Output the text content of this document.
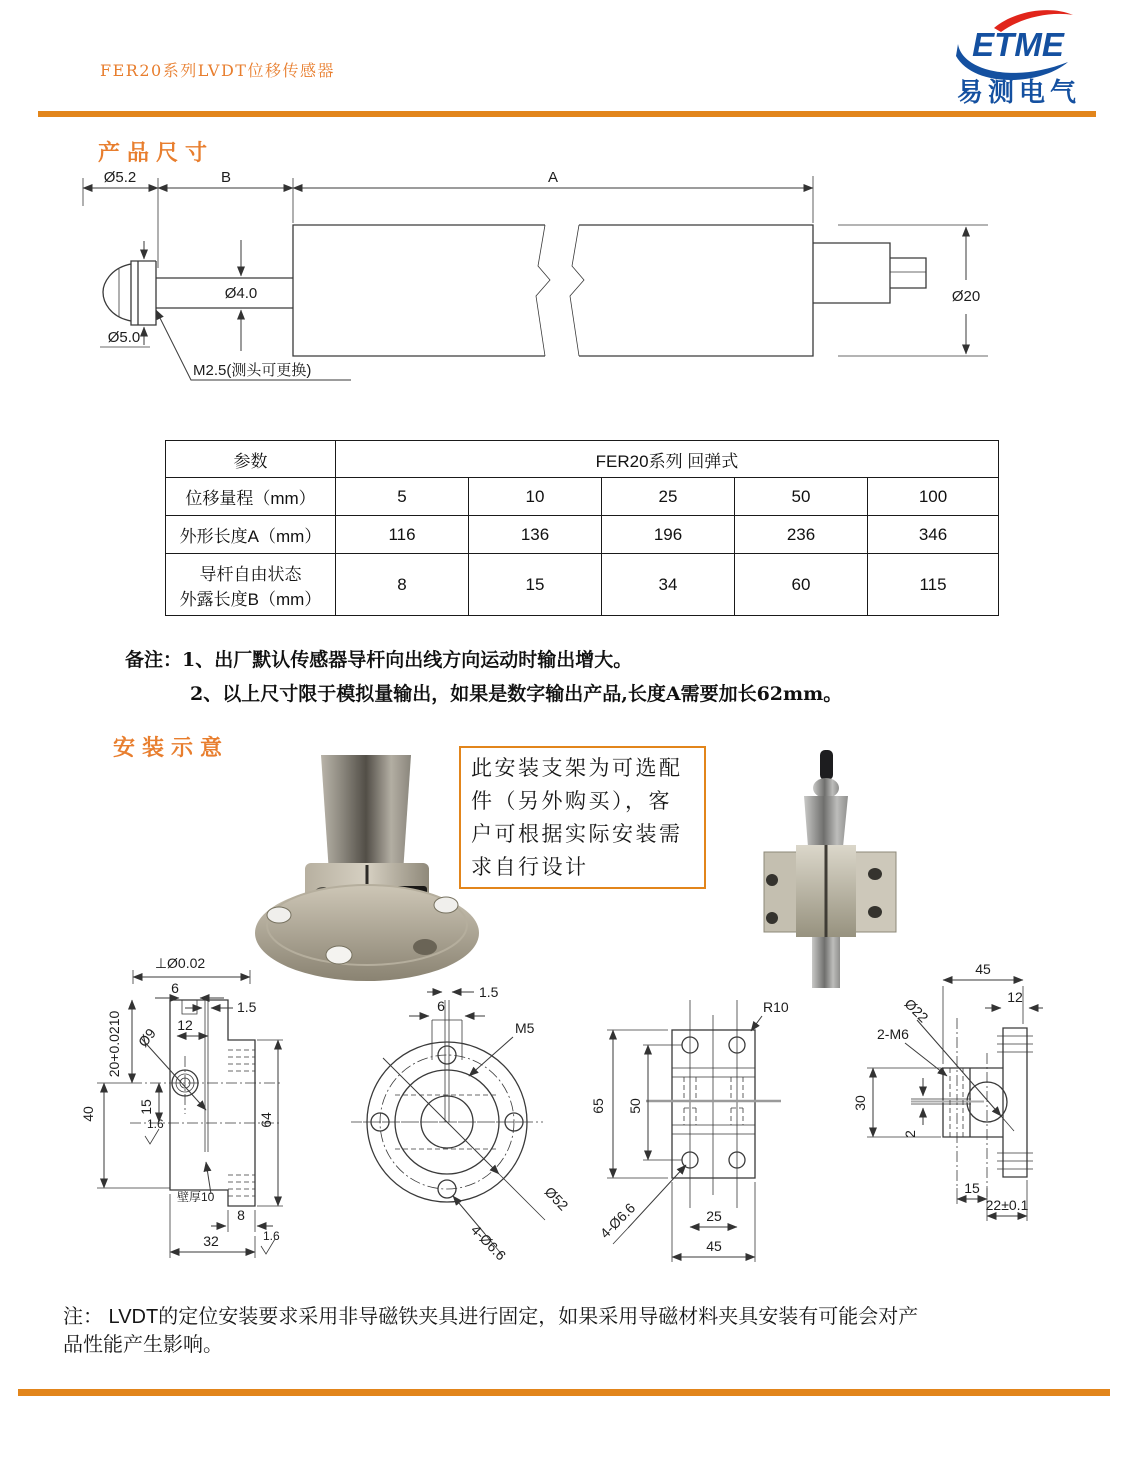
FER20系列LVDT位移传感器
ETME
易测电气
产品尺寸
Ø5.2	B	A
Ø4.0
Ø5.0
M2.5(测头可更换)
Ø20
参数	FER20系列 回弹式				
位移量程（mm）	5	10	25	50	100
外形长度A（mm）	116	136	196	236	346

导杆自由状态
外露长度B（mm）	8	15	34	60	115
备注：1、出厂默认传感器导杆向出线方向运动时输出增大。
2、以上尺寸限于模拟量输出，如果是数字输出产品,长度A需要加长62mm。
安装示意
此安装支架为可选配
件（另外购买），客
户可根据实际安装需
求自行设计
⊥Ø0.02
6
1.5
12
Ø9
20+0.0210
15
40	64
壁厚10
8
32
1.6
1.6
1.5
6
M5
Ø52
4-Ø6.6
R10
65 50
25
45
4-Ø6.6
45
12
Ø22
2-M6
30
2
15
22±0.1
注： LVDT的定位安装要求采用非导磁铁夹具进行固定，如果采用导磁材料夹具安装有可能会对产
品性能产生影响。
